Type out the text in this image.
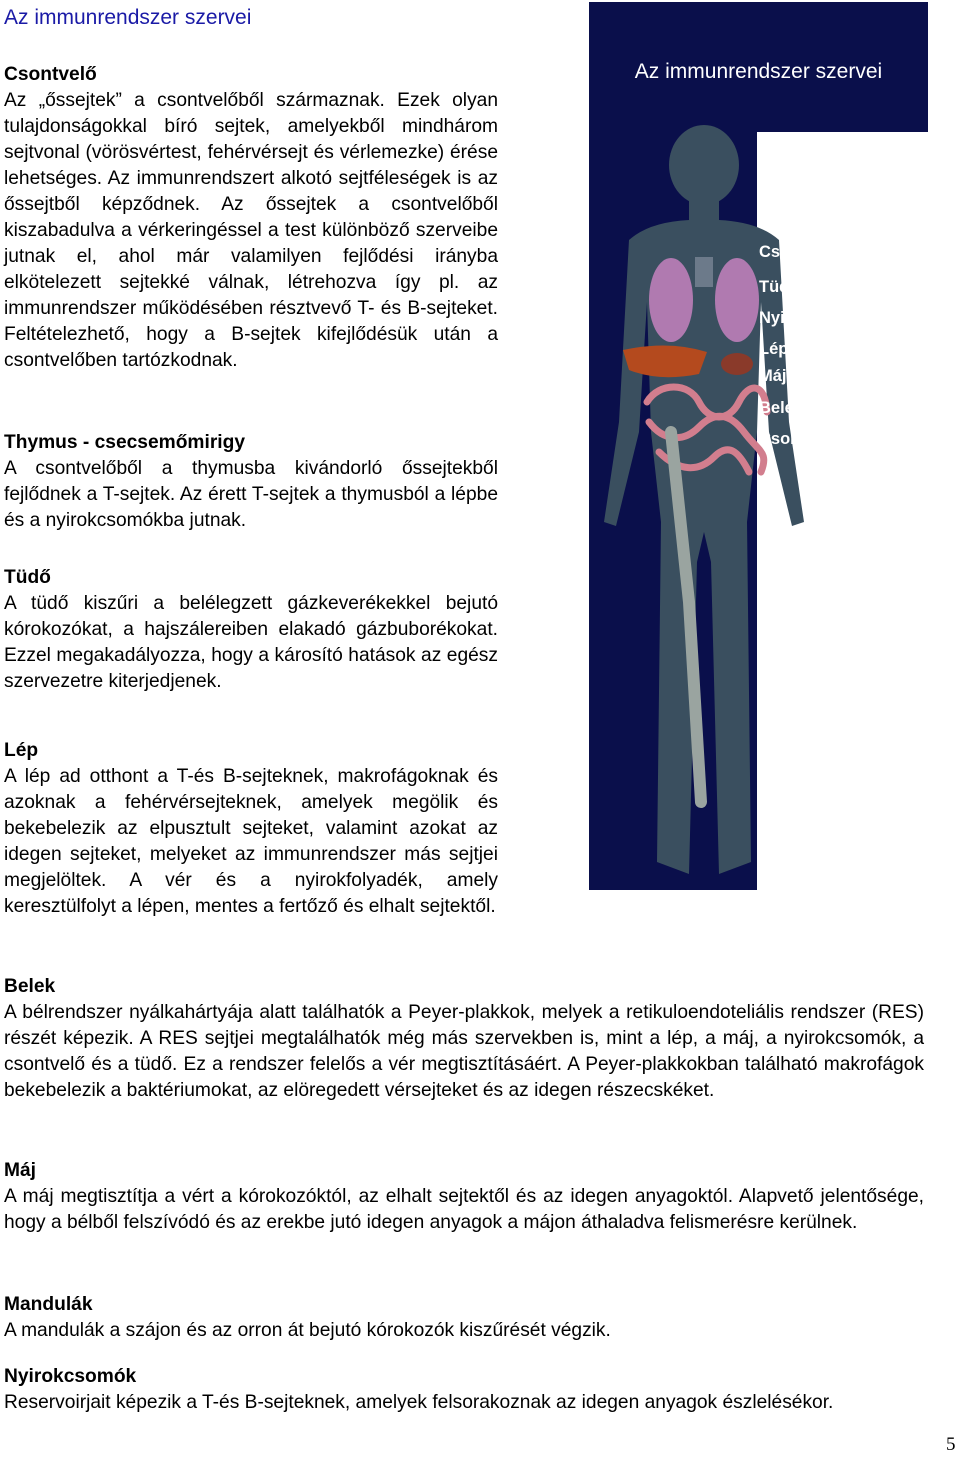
Az immunrendszer szervei
Csontvelő

Az „őssejtek” a csontvelőből származnak. Ezek olyan tulajdonságokkal bíró sejtek, amelyekből mindhárom sejtvonal (vörösvértest, fehérvérsejt és vérlemezke) érése lehetséges. Az immunrendszert alkotó sejtféleségek is az őssejtből képződnek. Az őssejtek a csontvelőből kiszabadulva a vérkeringéssel a test különböző szerveibe jutnak el, ahol már valamilyen fejlődési irányba elkötelezett sejtekké válnak, létrehozva így pl. az immunrendszer működésében résztvevő T- és B-sejteket. Feltételezhető, hogy a B-sejtek kifejlődésük után a csontvelőben tartózkodnak.

Thymus - csecsemőmirigy

A csontvelőből a thymusba kivándorló őssejtekből fejlődnek a T-sejtek. Az érett T-sejtek a thymusból a lépbe és a nyirokcsomókba jutnak.

Tüdő

A tüdő kiszűri a belélegzett gázkeverékekkel bejutó kórokozókat, a hajszálereiben elakadó gázbuborékokat. Ezzel megakadályozza, hogy a károsító hatások az egész szervezetre kiterjedjenek.

Lép

A lép ad otthont a T-és B-sejteknek, makrofágoknak és azoknak a fehérvérsejteknek, amelyek megölik és bekebelezik az elpusztult sejteket, valamint azokat az idegen sejteket, melyeket az immunrendszer más sejtjei megjelöltek. A vér és a nyirokfolyadék, amely keresztülfolyt a lépen, mentes a fertőző és elhalt sejtektől.

Belek

A bélrendszer nyálkahártyája alatt találhatók a Peyer-plakkok, melyek a retikuloendoteliális rendszer (RES) részét képezik. A RES sejtjei megtalálhatók még más szervekben is, mint a lép, a máj, a nyirokcsomók, a csontvelő és a tüdő. Ez a rendszer felelős a vér megtisztításáért. A Peyer-plakkokban található makrofágok bekebelezik a baktériumokat, az elöregedett vérsejteket és az idegen részecskéket.

Máj

A máj megtisztítja a vért a kórokozóktól, az elhalt sejtektől és az idegen anyagoktól. Alapvető jelentősége, hogy a bélből felszívódó és az erekbe jutó idegen anyagok a májon áthaladva felismerésre kerülnek.

Mandulák

A mandulák a szájon és az orron át bejutó kórokozók kiszűrését végzik.

Nyirokcsomók

Reservoirjait képezik a T-és B-sejteknek, amelyek felsorakoznak az idegen anyagok észlelésékor.

Az immunrendszer szervei
Mandulák
Csecsemőmirigy
Tüdő
Nyirokcsomók
Lép
Máj
Belek
Csontvelő
5
